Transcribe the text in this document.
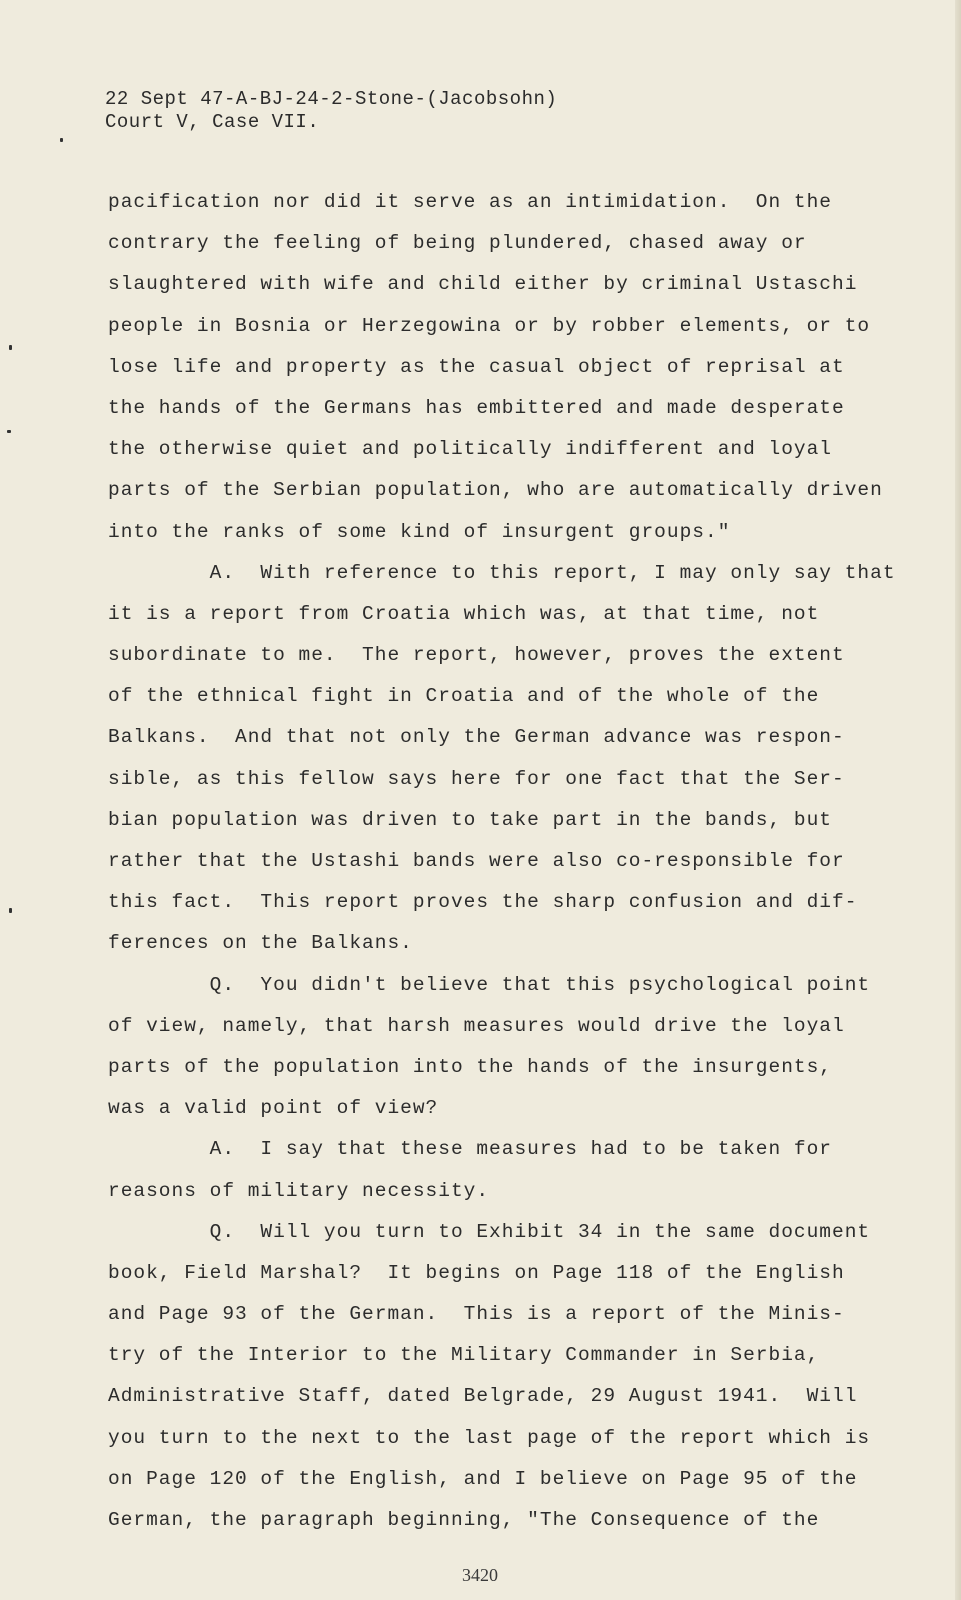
22 Sept 47-A-BJ-24-2-Stone-(Jacobsohn)
Court V, Case VII.
pacification nor did it serve as an intimidation.  On the
contrary the feeling of being plundered, chased away or
slaughtered with wife and child either by criminal Ustaschi
people in Bosnia or Herzegowina or by robber elements, or to
lose life and property as the casual object of reprisal at
the hands of the Germans has embittered and made desperate
the otherwise quiet and politically indifferent and loyal
parts of the Serbian population, who are automatically driven
into the ranks of some kind of insurgent groups."
A.  With reference to this report, I may only say that
it is a report from Croatia which was, at that time, not
subordinate to me.  The report, however, proves the extent
of the ethnical fight in Croatia and of the whole of the
Balkans.  And that not only the German advance was respon-
sible, as this fellow says here for one fact that the Ser-
bian population was driven to take part in the bands, but
rather that the Ustashi bands were also co-responsible for
this fact.  This report proves the sharp confusion and dif-
ferences on the Balkans.
Q.  You didn't believe that this psychological point
of view, namely, that harsh measures would drive the loyal
parts of the population into the hands of the insurgents,
was a valid point of view?
A.  I say that these measures had to be taken for
reasons of military necessity.
Q.  Will you turn to Exhibit 34 in the same document
book, Field Marshal?  It begins on Page 118 of the English
and Page 93 of the German.  This is a report of the Minis-
try of the Interior to the Military Commander in Serbia,
Administrative Staff, dated Belgrade, 29 August 1941.  Will
you turn to the next to the last page of the report which is
on Page 120 of the English, and I believe on Page 95 of the
German, the paragraph beginning, "The Consequence of the
3420
